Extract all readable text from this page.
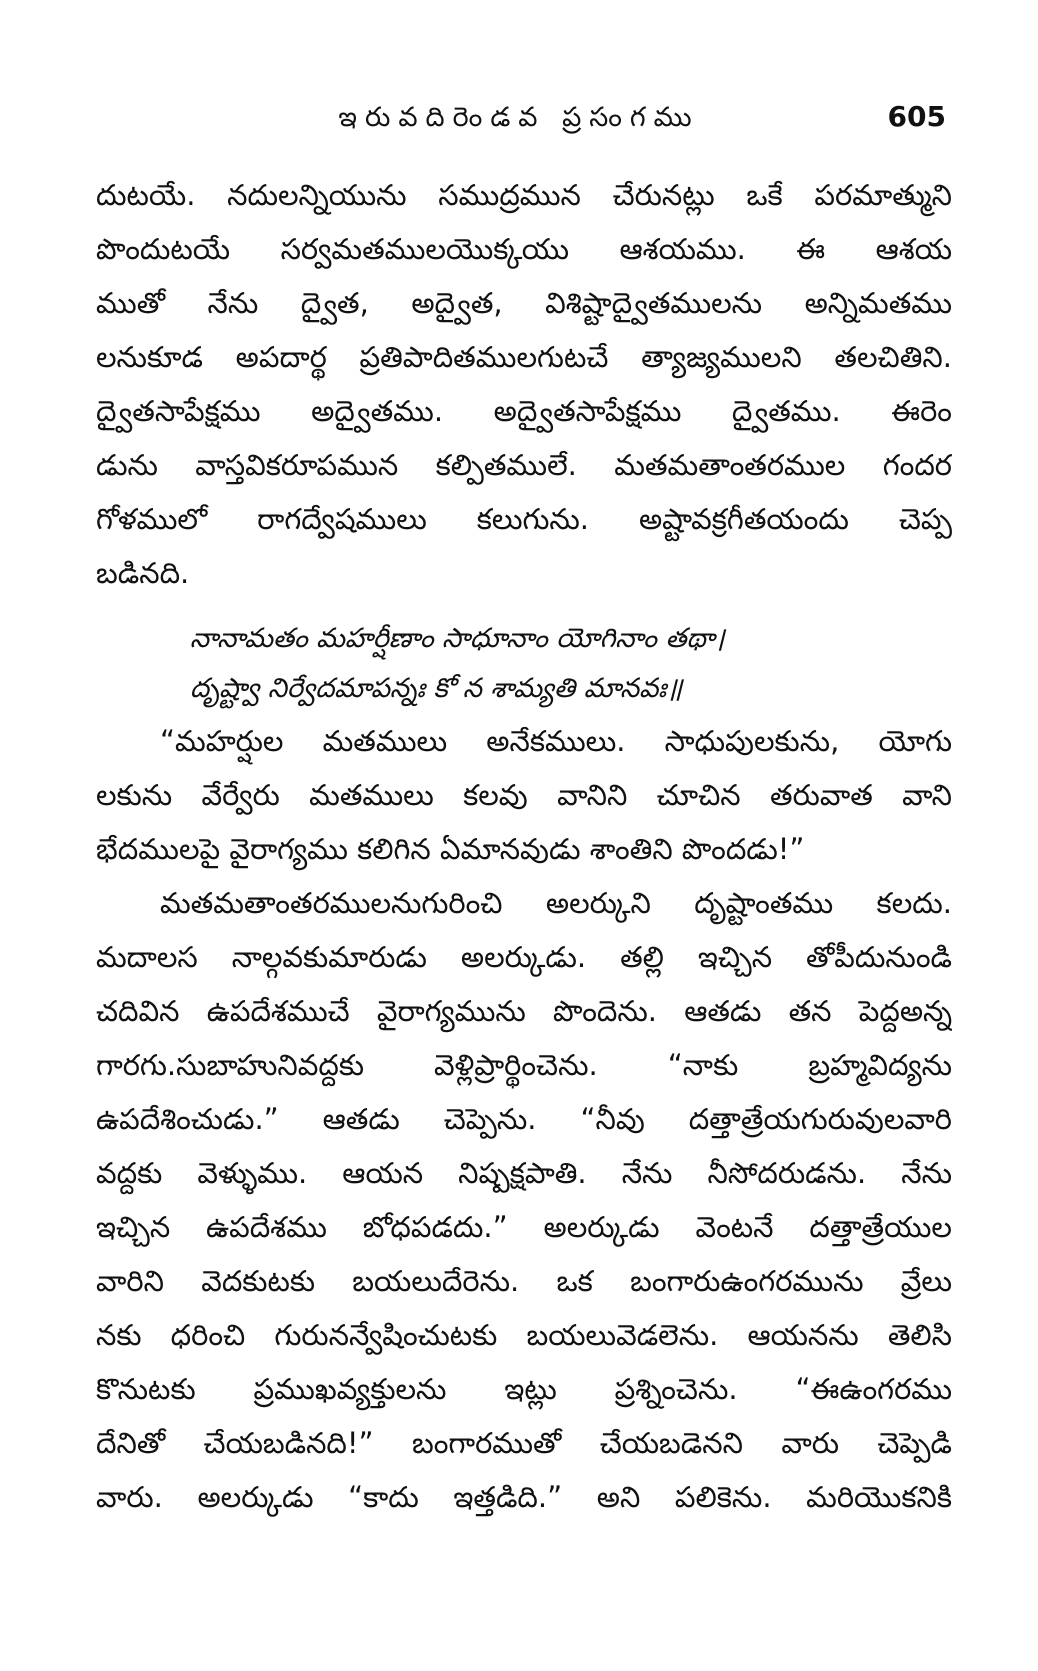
ఇరువదిరెండవ ప్రసంగము	605
దుటయే. నదులన్నియును సముద్రమున చేరునట్లు ఒకే పరమాత్ముని
పొందుటయే సర్వమతములయొక్కయు ఆశయము. ఈ ఆశయ
ముతో నేను ద్వైత, అద్వైత, విశిష్టాద్వైతములను అన్నిమతము
లనుకూడ అపదార్థ ప్రతిపాదితములగుటచే త్యాజ్యములని తలచితిని.
ద్వైతసాపేక్షము అద్వైతము. అద్వైతసాపేక్షము ద్వైతము. ఈరెం
డును వాస్తవికరూపమున కల్పితములే. మతమతాంతరముల గందర
గోళములో రాగద్వేషములు కలుగును. అష్టావక్రగీతయందు చెప్ప
బడినది.
నానామతం మహర్షీణాం సాధూనాం యోగినాం తథా।
దృష్ట్వా నిర్వేదమాపన్నః కో న శామ్యతి మానవః॥
“మహర్షుల మతములు అనేకములు. సాధుపులకును, యోగు
లకును వేర్వేరు మతములు కలవు వానిని చూచిన తరువాత వాని
భేదములపై వైరాగ్యము కలిగిన ఏమానవుడు శాంతిని పొందడు!”
మతమతాంతరములనుగురించి అలర్కుని దృష్టాంతము కలదు.
మదాలస నాల్గవకుమారుడు అలర్కుడు. తల్లి ఇచ్చిన తోపీదునుండి
చదివిన ఉపదేశముచే వైరాగ్యమును పొందెను. ఆతడు తన పెద్దఅన్న
గారగు.సుబాహునివద్దకు వెళ్లిప్రార్థించెను. “నాకు బ్రహ్మవిద్యను
ఉపదేశించుడు.” ఆతడు చెప్పెను. “నీవు దత్తాత్రేయగురువులవారి
వద్దకు వెళ్ళుము. ఆయన నిష్పక్షపాతి. నేను నీసోదరుడను. నేను
ఇచ్చిన ఉపదేశము బోధపడదు.” అలర్కుడు వెంటనే దత్తాత్రేయుల
వారిని వెదకుటకు బయలుదేరెను. ఒక బంగారుఉంగరమును వ్రేలు
నకు ధరించి గురునన్వేషించుటకు బయలువెడలెను. ఆయనను తెలిసి
కొనుటకు ప్రముఖవ్యక్తులను ఇట్లు ప్రశ్నించెను. “ఈఉంగరము
దేనితో చేయబడినది!” బంగారముతో చేయబడెనని వారు చెప్పెడి
వారు. అలర్కుడు “కాదు ఇత్తడిది.” అని పలికెను. మరియొకనికి
